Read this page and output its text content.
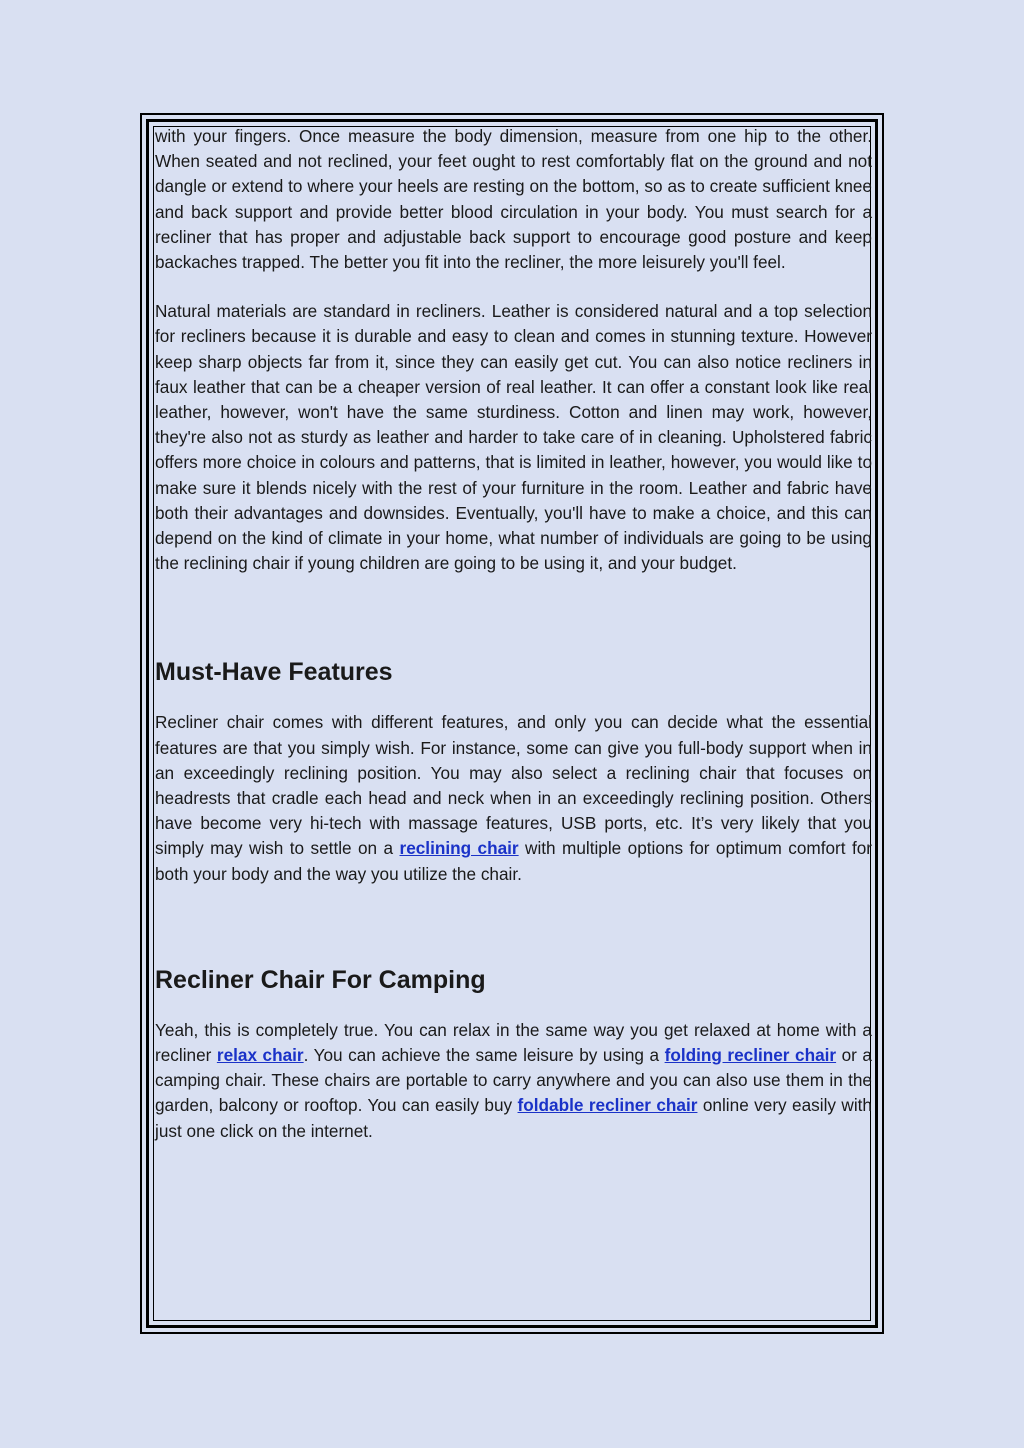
with your fingers. Once measure the body dimension, measure from one hip to the other. When seated and not reclined, your feet ought to rest comfortably flat on the ground and not dangle or extend to where your heels are resting on the bottom, so as to create sufficient knee and back support and provide better blood circulation in your body. You must search for a recliner that has proper and adjustable back support to encourage good posture and keep backaches trapped. The better you fit into the recliner, the more leisurely you'll feel.

Natural materials are standard in recliners. Leather is considered natural and a top selection for recliners because it is durable and easy to clean and comes in stunning texture. However keep sharp objects far from it, since they can easily get cut. You can also notice recliners in faux leather that can be a cheaper version of real leather. It can offer a constant look like real leather, however, won't have the same sturdiness. Cotton and linen may work, however, they're also not as sturdy as leather and harder to take care of in cleaning. Upholstered fabric offers more choice in colours and patterns, that is limited in leather, however, you would like to make sure it blends nicely with the rest of your furniture in the room. Leather and fabric have both their advantages and downsides. Eventually, you'll have to make a choice, and this can depend on the kind of climate in your home, what number of individuals are going to be using the reclining chair if young children are going to be using it, and your budget.

Must-Have Features

Recliner chair comes with different features, and only you can decide what the essential features are that you simply wish. For instance, some can give you full-body support when in an exceedingly reclining position. You may also select a reclining chair that focuses on headrests that cradle each head and neck when in an exceedingly reclining position. Others have become very hi-tech with massage features, USB ports, etc. It’s very likely that you simply may wish to settle on a reclining chair with multiple options for optimum comfort for both your body and the way you utilize the chair.

Recliner Chair For Camping

Yeah, this is completely true. You can relax in the same way you get relaxed at home with a recliner relax chair. You can achieve the same leisure by using a folding recliner chair or a camping chair. These chairs are portable to carry anywhere and you can also use them in the garden, balcony or rooftop. You can easily buy foldable recliner chair online very easily with just one click on the internet.
